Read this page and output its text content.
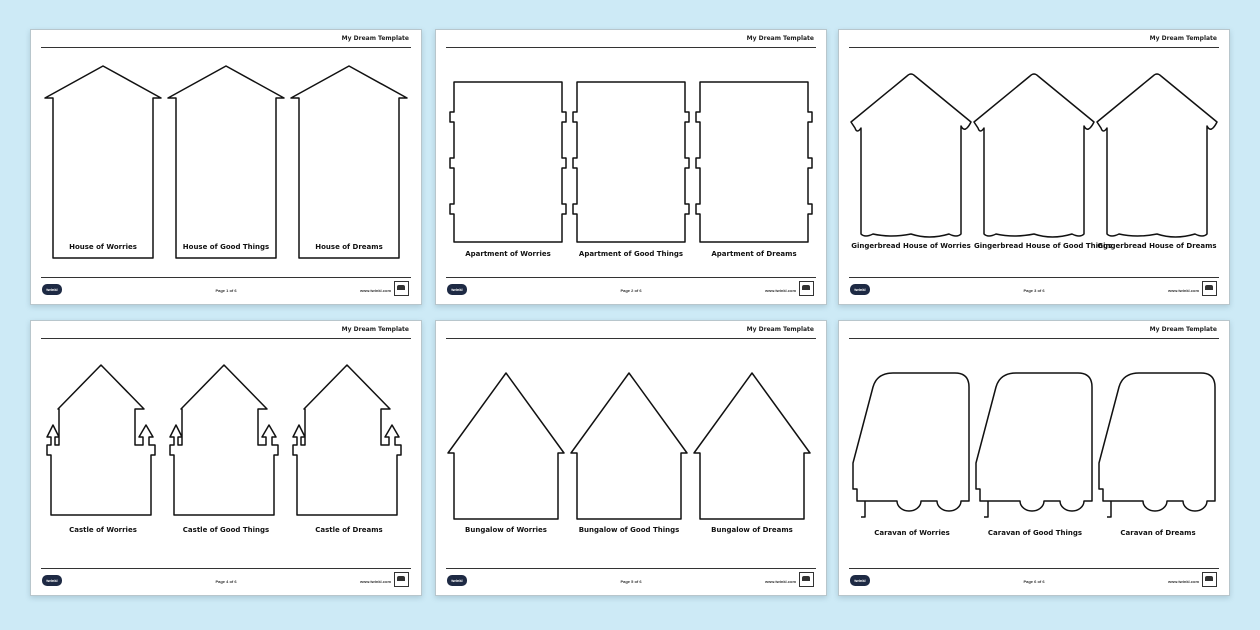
My Dream Template
House of Worries	House of Good Things	House of Dreams
twinkl	Page 1 of 6	www.twinkl.com
My Dream Template
Apartment of Worries	Apartment of Good Things	Apartment of Dreams
twinkl	Page 2 of 6	www.twinkl.com
My Dream Template
Gingerbread House of Worries Gingerbread House of Good Things
Gingerbread House of Dreams
twinkl	Page 3 of 6	www.twinkl.com
My Dream Template
Castle of Worries	Castle of Good Things	Castle of Dreams
twinkl	Page 4 of 6	www.twinkl.com
My Dream Template
Bungalow of Worries	Bungalow of Good Things	Bungalow of Dreams
twinkl	Page 5 of 6	www.twinkl.com
My Dream Template
Caravan of Worries	Caravan of Good Things	Caravan of Dreams
twinkl	Page 6 of 6	www.twinkl.com
